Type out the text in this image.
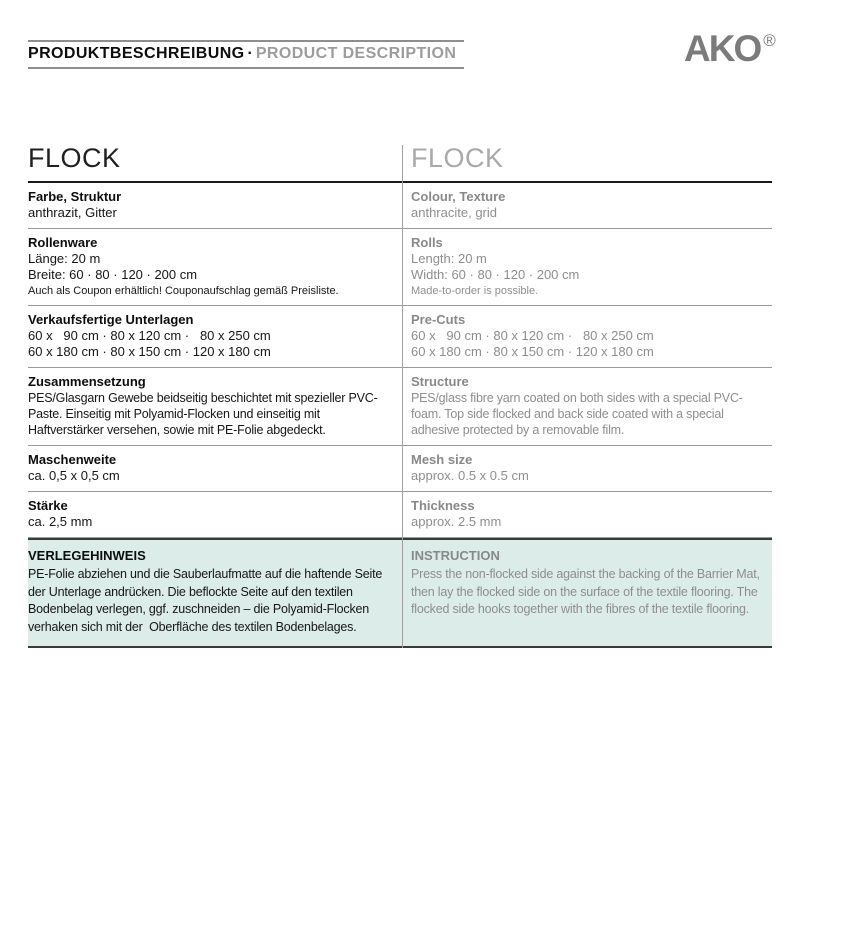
PRODUKTBESCHREIBUNG · PRODUCT DESCRIPTION	AKO ®
FLOCK	FLOCK
Farbe, Struktur
anthrazit, Gitter
Colour, Texture
anthracite, grid
Rollenware
Länge: 20 m
Breite: 60 · 80 · 120 · 200 cm
Auch als Coupon erhältlich! Couponaufschlag gemäß Preisliste.
Rolls
Length: 20 m
Width: 60 · 80 · 120 · 200 cm
Made-to-order is possible.
Verkaufsfertige Unterlagen
60 x   90 cm · 80 x 120 cm ·   80 x 250 cm
60 x 180 cm · 80 x 150 cm · 120 x 180 cm
Pre-Cuts
60 x   90 cm · 80 x 120 cm ·   80 x 250 cm
60 x 180 cm · 80 x 150 cm · 120 x 180 cm
Zusammensetzung
PES/Glasgarn Gewebe beidseitig beschichtet mit spezieller PVC-Paste. Einseitig mit Polyamid-Flocken und einseitig mit Haftverstärker versehen, sowie mit PE-Folie abgedeckt.
Structure
PES/glass fibre yarn coated on both sides with a special PVC-foam. Top side flocked and back side coated with a special adhesive protected by a removable film.
Maschenweite
ca. 0,5 x 0,5 cm
Mesh size
approx. 0.5 x 0.5 cm
Stärke
ca. 2,5 mm
Thickness
approx. 2.5 mm
VERLEGEHINWEIS
PE-Folie abziehen und die Sauberlaufmatte auf die haftende Seite der Unterlage andrücken. Die beflockte Seite auf den textilen Bodenbelag verlegen, ggf. zuschneiden – die Polyamid-Flocken verhaken sich mit der  Oberfläche des textilen Bodenbelages.
INSTRUCTION
Press the non-flocked side against the backing of the Barrier Mat, then lay the flocked side on the surface of the textile flooring. The flocked side hooks together with the fibres of the textile flooring.
